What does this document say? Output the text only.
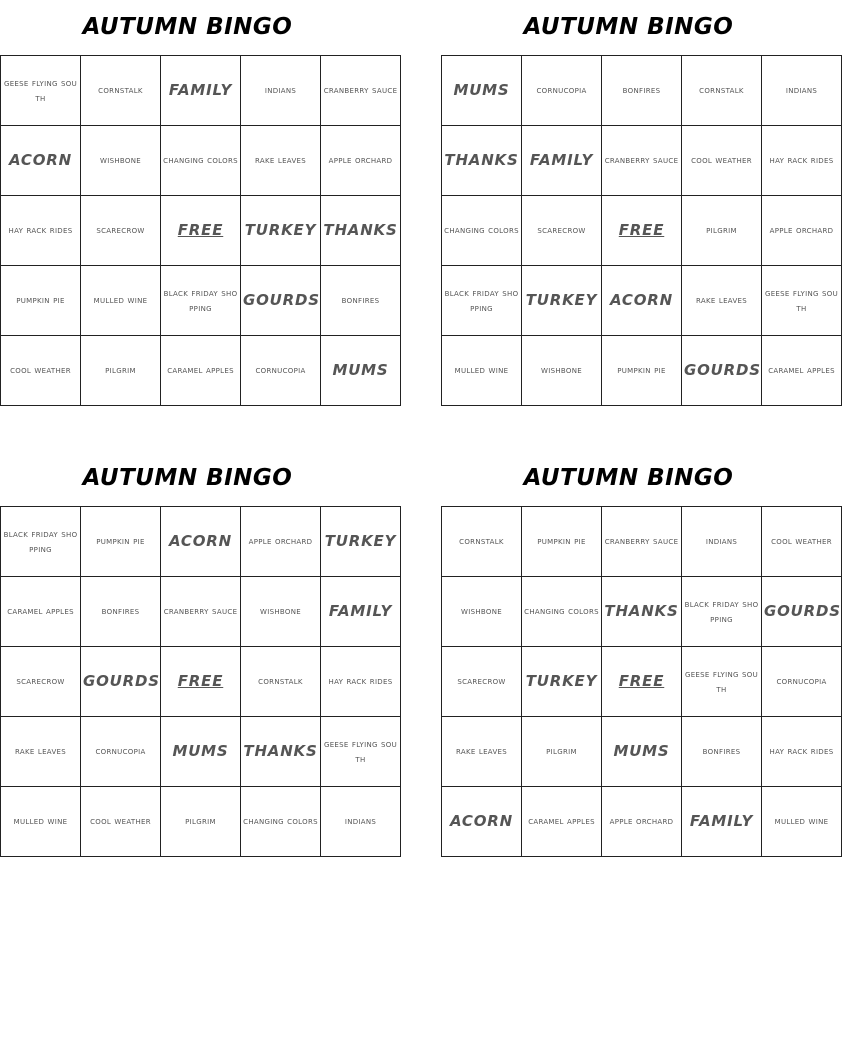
AUTUMN BINGO
geese flying south	cornstalk	FAMILY	indians	cranberry sauce
ACORN	wishbone	changing colors	rake leaves	apple orchard
hay rack rides	scarecrow	FREE	TURKEY	THANKS
pumpkin pie	mulled wine	black friday shopping	GOURDS	bonfires
cool weather	pilgrim	caramel apples	cornucopia	MUMS
AUTUMN BINGO
MUMS	cornucopia	bonfires	cornstalk	indians
THANKS	FAMILY	cranberry sauce	cool weather	hay rack rides
changing colors	scarecrow	FREE	pilgrim	apple orchard
black friday shopping	TURKEY	ACORN	rake leaves	geese flying south
mulled wine	wishbone	pumpkin pie	GOURDS	caramel apples
AUTUMN BINGO
black friday shopping	pumpkin pie	ACORN	apple orchard	TURKEY
caramel apples	bonfires	cranberry sauce	wishbone	FAMILY
scarecrow	GOURDS	FREE	cornstalk	hay rack rides
rake leaves	cornucopia	MUMS	THANKS	geese flying south
mulled wine	cool weather	pilgrim	changing colors	indians
AUTUMN BINGO
cornstalk	pumpkin pie	cranberry sauce	indians	cool weather
wishbone	changing colors	THANKS	black friday shopping	GOURDS
scarecrow	TURKEY	FREE	geese flying south	cornucopia
rake leaves	pilgrim	MUMS	bonfires	hay rack rides
ACORN	caramel apples	apple orchard	FAMILY	mulled wine
